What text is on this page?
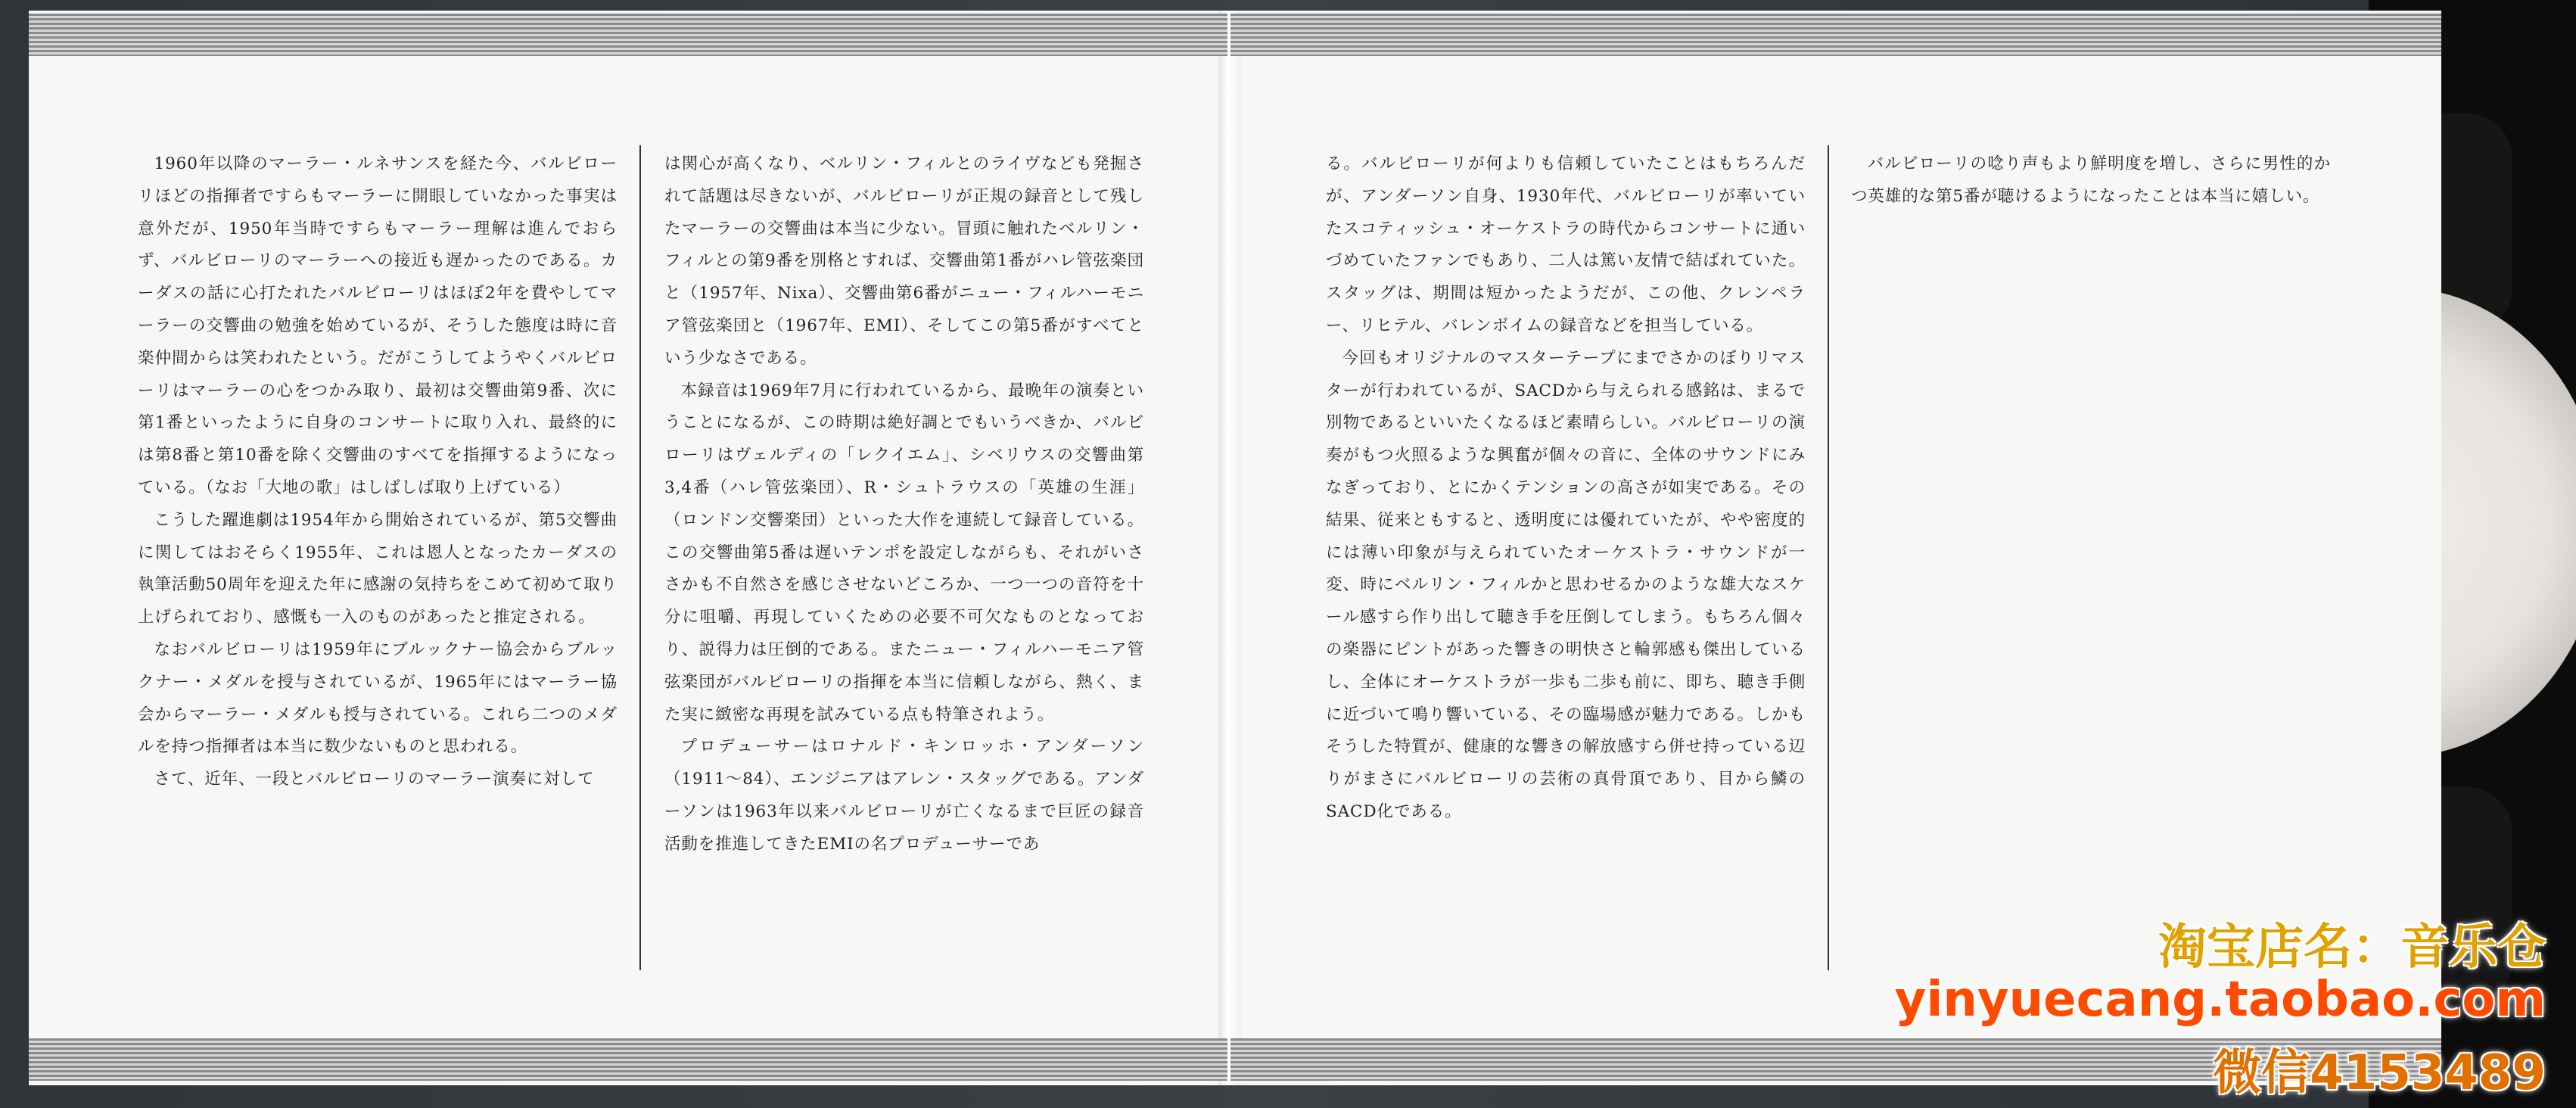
1960年以降のマーラー・ルネサンスを経た今、バルビローリほどの指揮者ですらもマーラーに開眼していなかった事実は意外だが、1950年当時ですらもマーラー理解は進んでおらず、バルビローリのマーラーへの接近も遅かったのである。カーダスの話に心打たれたバルビローリはほぼ2年を費やしてマーラーの交響曲の勉強を始めているが、そうした態度は時に音楽仲間からは笑われたという。だがこうしてようやくバルビローリはマーラーの心をつかみ取り、最初は交響曲第9番、次に第1番といったように自身のコンサートに取り入れ、最終的には第8番と第10番を除く交響曲のすべてを指揮するようになっている。（なお「大地の歌」はしばしば取り上げている）

こうした躍進劇は1954年から開始されているが、第5交響曲に関してはおそらく1955年、これは恩人となったカーダスの執筆活動50周年を迎えた年に感謝の気持ちをこめて初めて取り上げられており、感慨も一入のものがあったと推定される。

なおバルビローリは1959年にブルックナー協会からブルックナー・メダルを授与されているが、1965年にはマーラー協会からマーラー・メダルも授与されている。これら二つのメダルを持つ指揮者は本当に数少ないものと思われる。

さて、近年、一段とバルビローリのマーラー演奏に対して

は関心が高くなり、ベルリン・フィルとのライヴなども発掘されて話題は尽きないが、バルビローリが正規の録音として残したマーラーの交響曲は本当に少ない。冒頭に触れたベルリン・フィルとの第9番を別格とすれば、交響曲第1番がハレ管弦楽団と（1957年、Nixa）、交響曲第6番がニュー・フィルハーモニア管弦楽団と（1967年、EMI）、そしてこの第5番がすべてという少なさである。

本録音は1969年7月に行われているから、最晩年の演奏ということになるが、この時期は絶好調とでもいうべきか、バルビローリはヴェルディの「レクイエム」、シベリウスの交響曲第3,4番（ハレ管弦楽団）、R・シュトラウスの「英雄の生涯」（ロンドン交響楽団）といった大作を連続して録音している。この交響曲第5番は遅いテンポを設定しながらも、それがいささかも不自然さを感じさせないどころか、一つ一つの音符を十分に咀嚼、再現していくための必要不可欠なものとなっており、説得力は圧倒的である。またニュー・フィルハーモニア管弦楽団がバルビローリの指揮を本当に信頼しながら、熱く、また実に緻密な再現を試みている点も特筆されよう。

プロデューサーはロナルド・キンロッホ・アンダーソン（1911～84）、エンジニアはアレン・スタッグである。アンダーソンは1963年以来バルビローリが亡くなるまで巨匠の録音活動を推進してきたEMIの名プロデューサーであ

る。バルビローリが何よりも信頼していたことはもちろんだが、アンダーソン自身、1930年代、バルビローリが率いていたスコティッシュ・オーケストラの時代からコンサートに通いづめていたファンでもあり、二人は篤い友情で結ばれていた。スタッグは、期間は短かったようだが、この他、クレンペラー、リヒテル、バレンボイムの録音などを担当している。

今回もオリジナルのマスターテープにまでさかのぼりリマスターが行われているが、SACDから与えられる感銘は、まるで別物であるといいたくなるほど素晴らしい。バルビローリの演奏がもつ火照るような興奮が個々の音に、全体のサウンドにみなぎっており、とにかくテンションの高さが如実である。その結果、従来ともすると、透明度には優れていたが、やや密度的には薄い印象が与えられていたオーケストラ・サウンドが一変、時にベルリン・フィルかと思わせるかのような雄大なスケール感すら作り出して聴き手を圧倒してしまう。もちろん個々の楽器にピントがあった響きの明快さと輪郭感も傑出しているし、全体にオーケストラが一歩も二歩も前に、即ち、聴き手側に近づいて鳴り響いている、その臨場感が魅力である。しかもそうした特質が、健康的な響きの解放感すら併せ持っている辺りがまさにバルビローリの芸術の真骨頂であり、目から鱗のSACD化である。

バルビローリの唸り声もより鮮明度を増し、さらに男性的かつ英雄的な第5番が聴けるようになったことは本当に嬉しい。

淘宝店名：音乐仓
yinyuecang.taobao.com
微信4153489
